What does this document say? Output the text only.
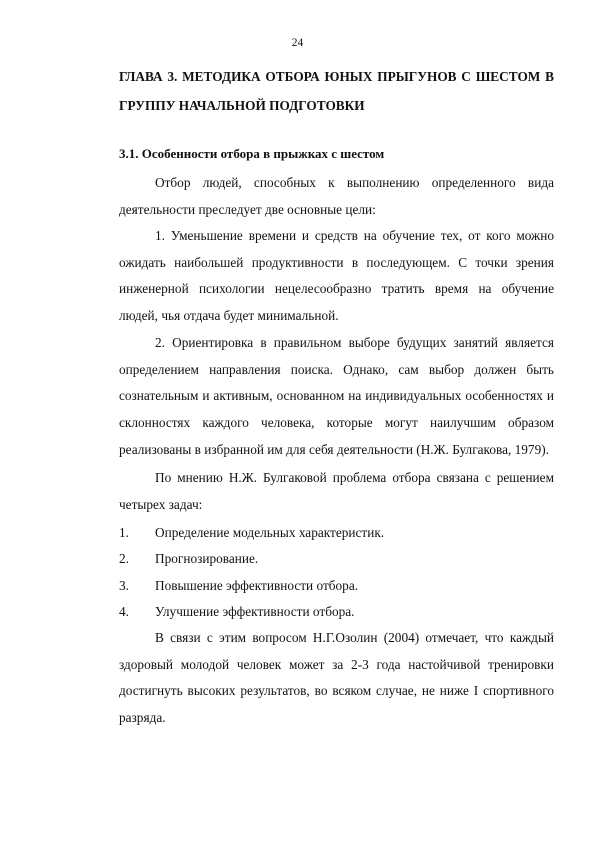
24
ГЛАВА 3. МЕТОДИКА ОТБОРА ЮНЫХ ПРЫГУНОВ С ШЕСТОМ В ГРУППУ НАЧАЛЬНОЙ ПОДГОТОВКИ
3.1. Особенности отбора в прыжках с шестом

Отбор людей, способных к выполнению определенного вида деятельности преследует две основные цели:

1. Уменьшение времени и средств на обучение тех, от кого можно ожидать наибольшей продуктивности в последующем. С точки зрения инженерной психологии нецелесообразно тратить время на обучение людей, чья отдача будет минимальной.

2. Ориентировка в правильном выборе будущих занятий является определением направления поиска. Однако, сам выбор должен быть сознательным и активным, основанном на индивидуальных особенностях и склонностях каждого человека, которые могут наилучшим образом реализованы в избранной им для себя деятельности (Н.Ж. Булгакова, 1979).

По мнению Н.Ж. Булгаковой проблема отбора связана с решением четырех задач:

1. Определение модельных характеристик.
2. Прогнозирование.
3. Повышение эффективности отбора.
4. Улучшение эффективности отбора.

В связи с этим вопросом Н.Г.Озолин (2004) отмечает, что каждый здоровый молодой человек может за 2-3 года настойчивой тренировки достигнуть высоких результатов, во всяком случае, не ниже I спортивного разряда.
